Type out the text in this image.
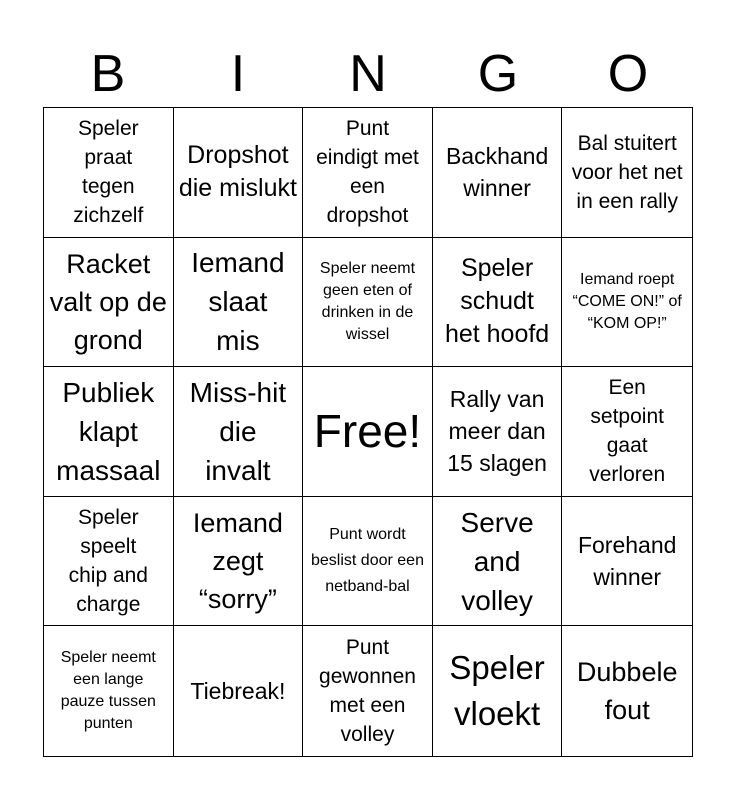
B	I	N	G	O
Speler praat tegen zichzelf
Dropshot die mislukt
Punt eindigt met een dropshot
Backhand winner
Bal stuitert voor het net in een rally
Racket valt op de grond
Iemand slaat mis
Speler neemt geen eten of drinken in de wissel
Speler schudt het hoofd
Iemand roept “COME ON!” of “KOM OP!”
Publiek klapt massaal
Miss-hit die invalt
Free!
Rally van meer dan 15 slagen
Een setpoint gaat verloren
Speler speelt chip and charge
Iemand zegt “sorry”
Punt wordt beslist door een netband-bal
Serve and volley
Forehand winner
Speler neemt een lange pauze tussen punten
Tiebreak!
Punt gewonnen met een volley
Speler vloekt
Dubbele fout
